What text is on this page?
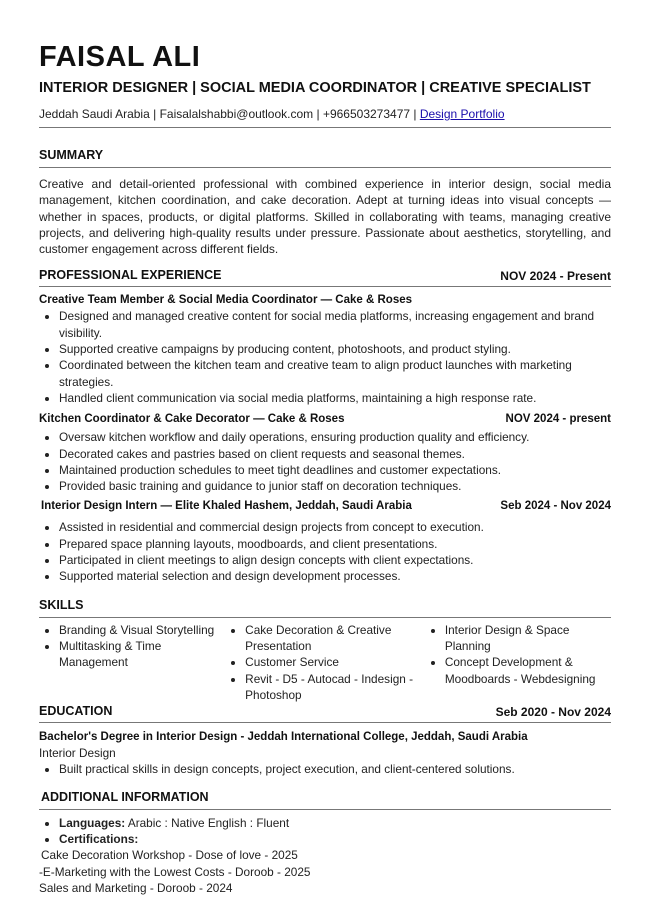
FAISAL ALI
INTERIOR DESIGNER | SOCIAL MEDIA COORDINATOR | CREATIVE SPECIALIST
Jeddah Saudi Arabia | Faisalalshabbi@outlook.com | +966503273477 | Design Portfolio
SUMMARY
Creative and detail-oriented professional with combined experience in interior design, social media management, kitchen coordination, and cake decoration. Adept at turning ideas into visual concepts — whether in spaces, products, or digital platforms. Skilled in collaborating with teams, managing creative projects, and delivering high-quality results under pressure. Passionate about aesthetics, storytelling, and customer engagement across different fields.
PROFESSIONAL EXPERIENCE	NOV 2024 - Present
Creative Team Member & Social Media Coordinator — Cake & Roses
• Designed and managed creative content for social media platforms, increasing engagement and brand visibility.
• Supported creative campaigns by producing content, photoshoots, and product styling.
• Coordinated between the kitchen team and creative team to align product launches with marketing strategies.
• Handled client communication via social media platforms, maintaining a high response rate.
Kitchen Coordinator & Cake Decorator — Cake & Roses	NOV 2024 - present
• Oversaw kitchen workflow and daily operations, ensuring production quality and efficiency.
• Decorated cakes and pastries based on client requests and seasonal themes.
• Maintained production schedules to meet tight deadlines and customer expectations.
• Provided basic training and guidance to junior staff on decoration techniques.
Interior Design Intern — Elite Khaled Hashem, Jeddah, Saudi Arabia	Seb 2024 - Nov 2024
• Assisted in residential and commercial design projects from concept to execution.
• Prepared space planning layouts, moodboards, and client presentations.
• Participated in client meetings to align design concepts with client expectations.
• Supported material selection and design development processes.
SKILLS
• Branding & Visual Storytelling
• Multitasking & Time Management
• Cake Decoration & Creative Presentation
• Customer Service
• Revit - D5 - Autocad - Indesign - Photoshop
• Interior Design & Space Planning
• Concept Development & Moodboards - Webdesigning
EDUCATION	Seb 2020 - Nov 2024
Bachelor's Degree in Interior Design - Jeddah International College, Jeddah, Saudi Arabia
Interior Design
• Built practical skills in design concepts, project execution, and client-centered solutions.
ADDITIONAL INFORMATION
• Languages: Arabic : Native English : Fluent
• Certifications:
Cake Decoration Workshop - Dose of love - 2025
-E-Marketing with the Lowest Costs - Doroob - 2025
Sales and Marketing - Doroob - 2024
